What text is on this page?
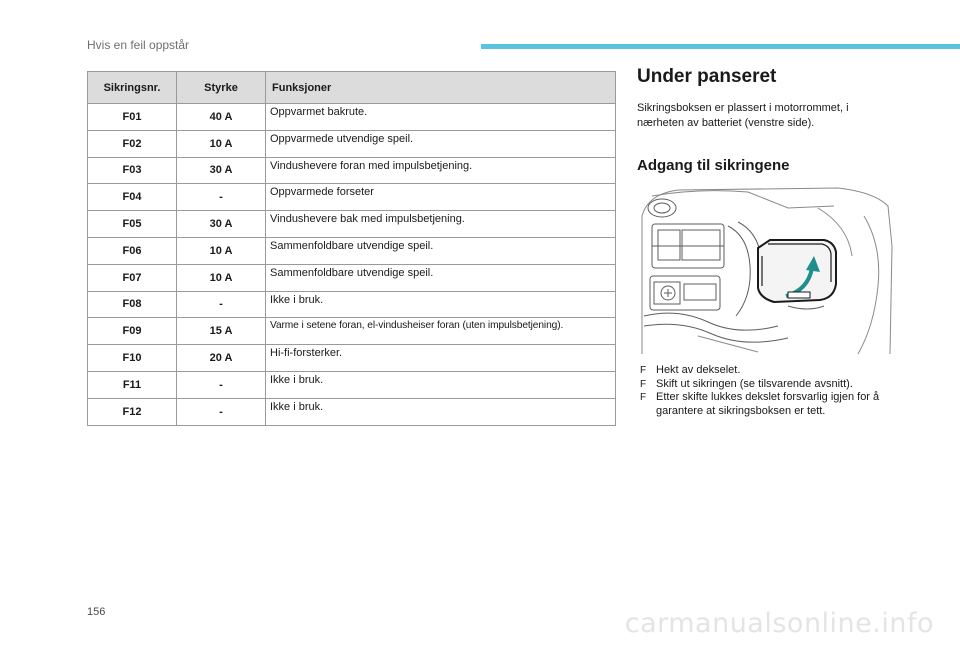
Hvis en feil oppstår
Sikringsnr.	Styrke	Funksjoner
F01	40 A	Oppvarmet bakrute.
F02	10 A	Oppvarmede utvendige speil.
F03	30 A	Vindushevere foran med impulsbetjening.
F04	-	Oppvarmede forseter
F05	30 A	Vindushevere bak med impulsbetjening.
F06	10 A	Sammenfoldbare utvendige speil.
F07	10 A	Sammenfoldbare utvendige speil.
F08	-	Ikke i bruk.
F09	15 A	Varme i setene foran, el-vindusheiser foran (uten impulsbetjening).
F10	20 A	Hi-fi-forsterker.
F11	-	Ikke i bruk.
F12	-	Ikke i bruk.
Under panseret
Sikringsboksen er plassert i motorrommet, i nærheten av batteriet (venstre side).
Adgang til sikringene
F Hekt av dekselet.
F Skift ut sikringen (se tilsvarende avsnitt).
F Etter skifte lukkes dekslet forsvarlig igjen for å garantere at sikringsboksen er tett.
156	carmanualsonline.info
